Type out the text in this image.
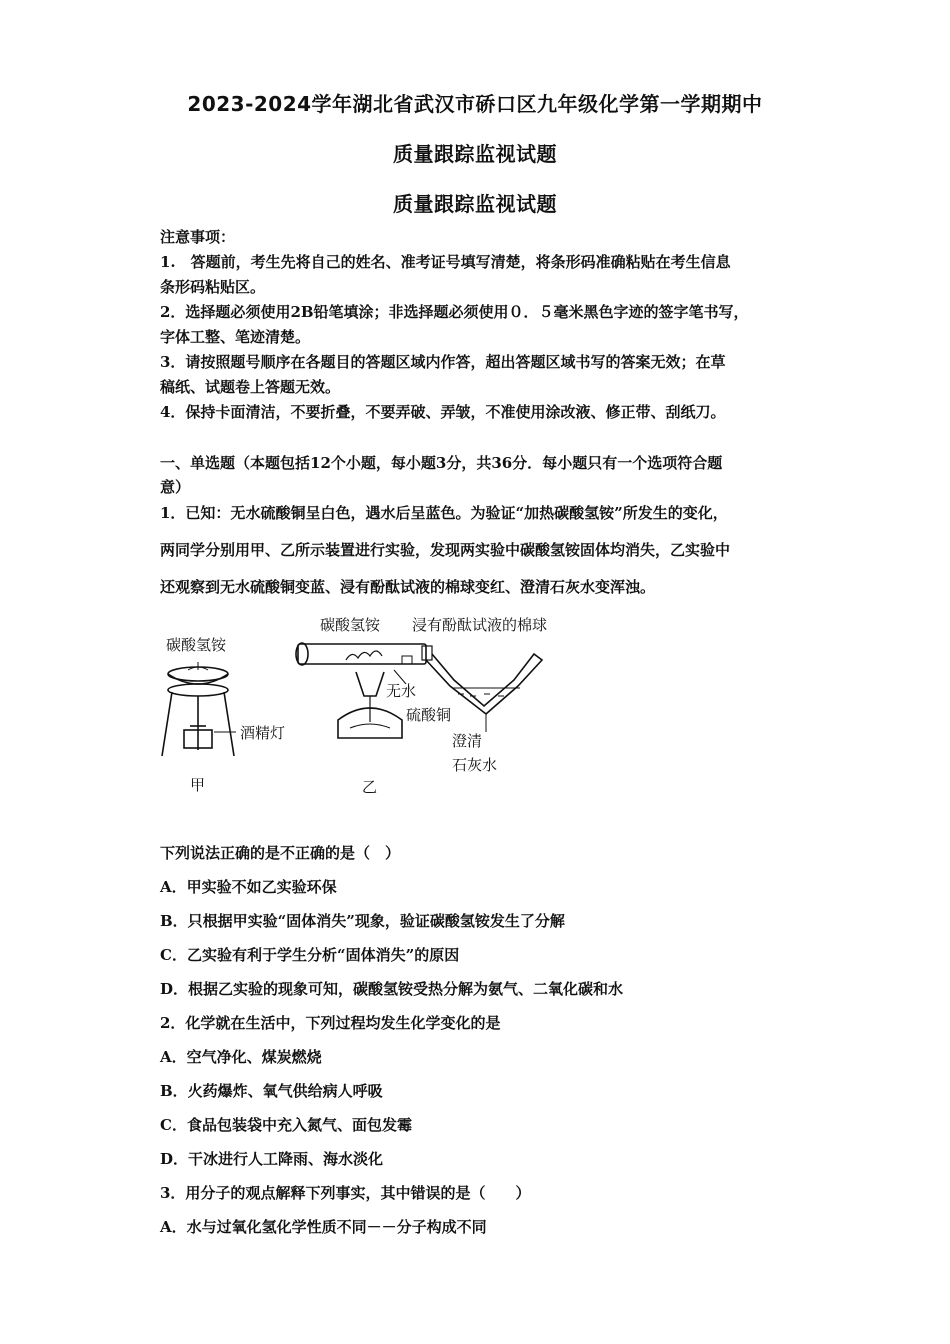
2023-2024学年湖北省武汉市硚口区九年级化学第一学期期中
质量跟踪监视试题
质量跟踪监视试题
注意事项：
1.　答题前，考生先将自己的姓名、准考证号填写清楚，将条形码准确粘贴在考生信息
条形码粘贴区。
2．选择题必须使用2B铅笔填涂；非选择题必须使用０．５毫米黑色字迹的签字笔书写，
字体工整、笔迹清楚。
3．请按照题号顺序在各题目的答题区域内作答，超出答题区域书写的答案无效；在草
稿纸、试题卷上答题无效。
4．保持卡面清洁，不要折叠，不要弄破、弄皱，不准使用涂改液、修正带、刮纸刀。
一、单选题（本题包括12个小题，每小题3分，共36分．每小题只有一个选项符合题
意）
1．已知：无水硫酸铜呈白色，遇水后呈蓝色。为验证“加热碳酸氢铵”所发生的变化，
两同学分别用甲、乙所示装置进行实验，发现两实验中碳酸氢铵固体均消失，乙实验中
还观察到无水硫酸铜变蓝、浸有酚酞试液的棉球变红、澄清石灰水变浑浊。
碳酸氢铵
酒精灯
甲
碳酸氢铵 浸有酚酞试液的棉球
无水
硫酸铜
澄清
石灰水
乙
下列说法正确的是不正确的是（　）
A．甲实验不如乙实验环保
B．只根据甲实验“固体消失”现象，验证碳酸氢铵发生了分解
C．乙实验有利于学生分析“固体消失”的原因
D．根据乙实验的现象可知，碳酸氢铵受热分解为氨气、二氧化碳和水
2．化学就在生活中，下列过程均发生化学变化的是
A．空气净化、煤炭燃烧
B．火药爆炸、氧气供给病人呼吸
C．食品包装袋中充入氮气、面包发霉
D．干冰进行人工降雨、海水淡化
3．用分子的观点解释下列事实，其中错误的是（　　）
A．水与过氧化氢化学性质不同－－分子构成不同
